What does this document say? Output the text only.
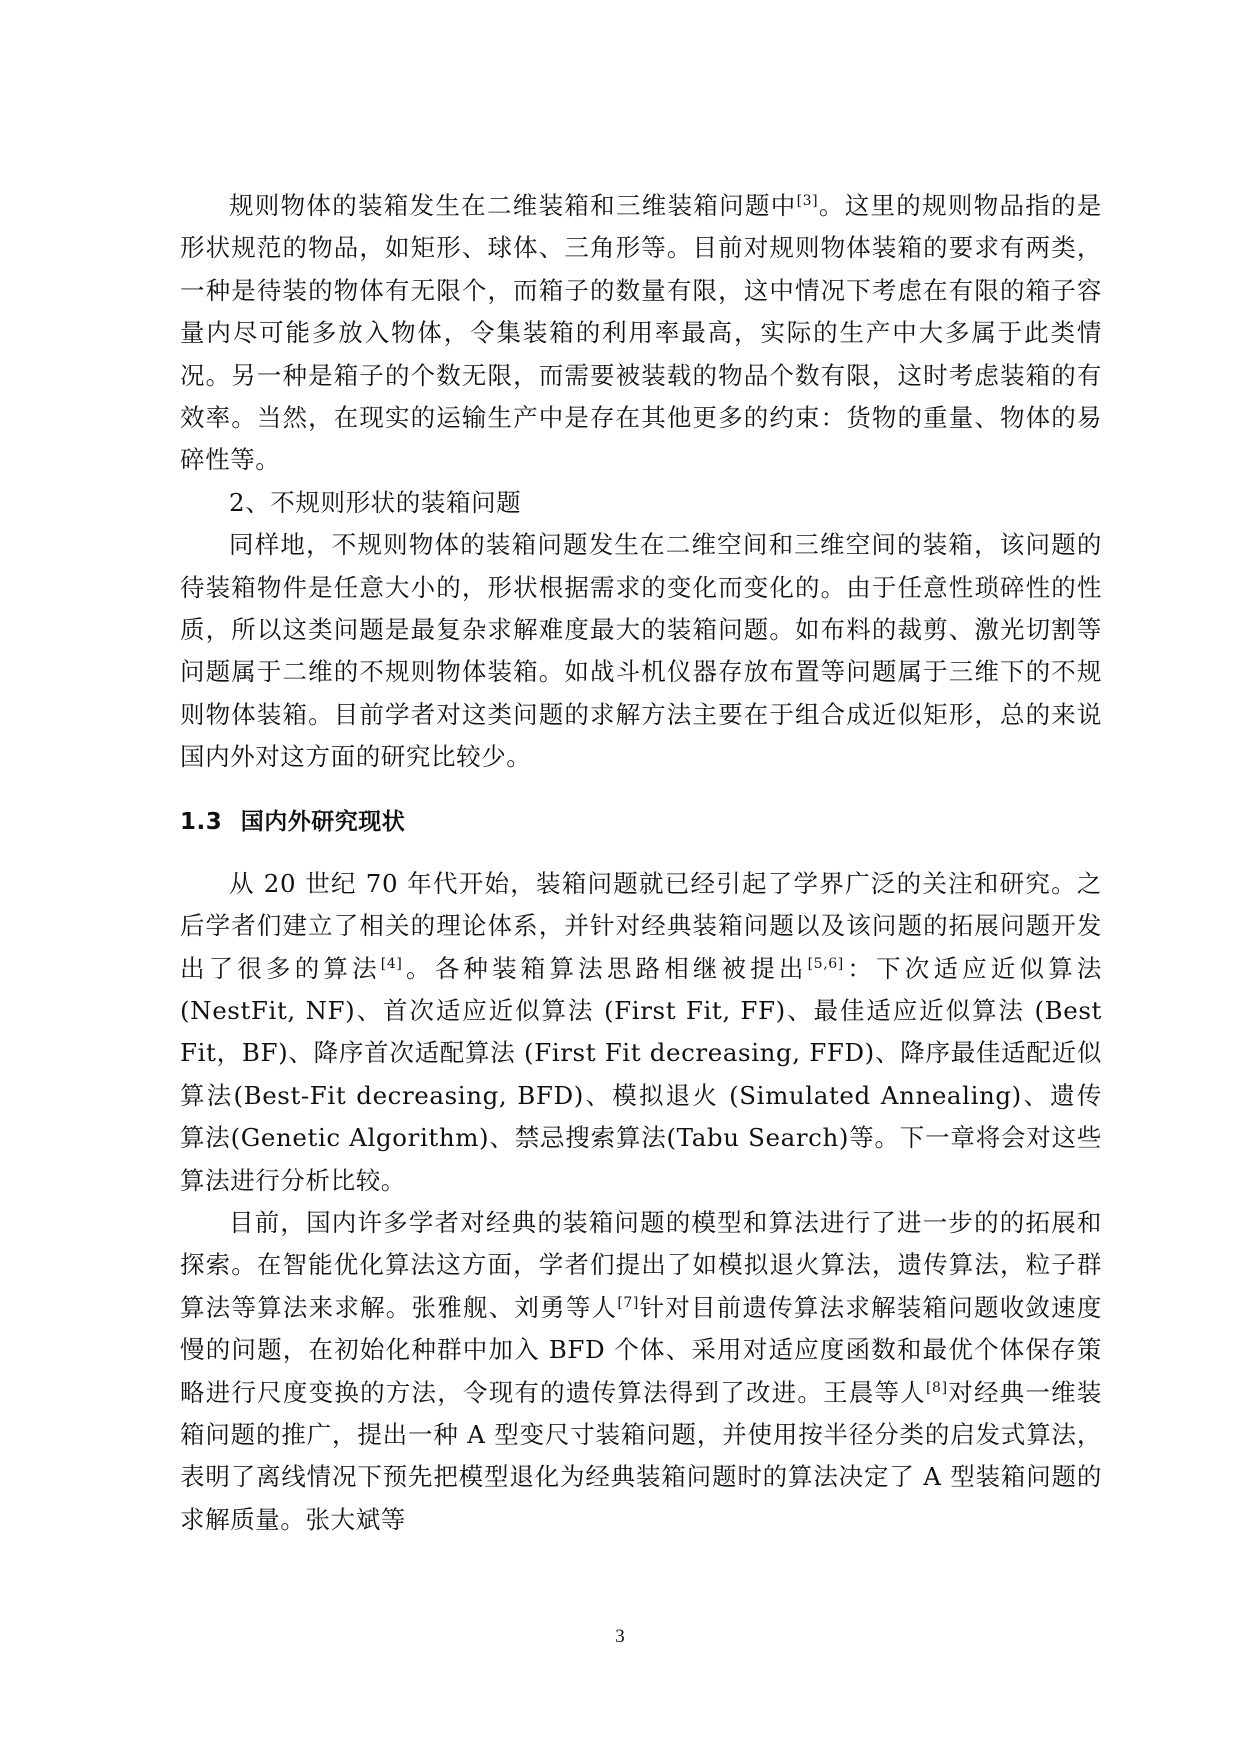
规则物体的装箱发生在二维装箱和三维装箱问题中[3]。这里的规则物品指的是形状规范的物品，如矩形、球体、三角形等。目前对规则物体装箱的要求有两类，一种是待装的物体有无限个，而箱子的数量有限，这中情况下考虑在有限的箱子容量内尽可能多放入物体，令集装箱的利用率最高，实际的生产中大多属于此类情况。另一种是箱子的个数无限，而需要被装载的物品个数有限，这时考虑装箱的有效率。当然，在现实的运输生产中是存在其他更多的约束：货物的重量、物体的易碎性等。

2、不规则形状的装箱问题

同样地，不规则物体的装箱问题发生在二维空间和三维空间的装箱，该问题的待装箱物件是任意大小的，形状根据需求的变化而变化的。由于任意性琐碎性的性质，所以这类问题是最复杂求解难度最大的装箱问题。如布料的裁剪、激光切割等问题属于二维的不规则物体装箱。如战斗机仪器存放布置等问题属于三维下的不规则物体装箱。目前学者对这类问题的求解方法主要在于组合成近似矩形，总的来说国内外对这方面的研究比较少。

1.3 国内外研究现状

从 20 世纪 70 年代开始，装箱问题就已经引起了学界广泛的关注和研究。之后学者们建立了相关的理论体系，并针对经典装箱问题以及该问题的拓展问题开发出了很多的算法[4]。各种装箱算法思路相继被提出[5,6]：下次适应近似算法(NestFit, NF)、首次适应近似算法 (First Fit, FF)、最佳适应近似算法 (Best Fit，BF)、降序首次适配算法 (First Fit decreasing, FFD)、降序最佳适配近似算法(Best-Fit decreasing, BFD)、模拟退火 (Simulated Annealing)、遗传算法(Genetic Algorithm)、禁忌搜索算法(Tabu Search)等。下一章将会对这些算法进行分析比较。

目前，国内许多学者对经典的装箱问题的模型和算法进行了进一步的的拓展和探索。在智能优化算法这方面，学者们提出了如模拟退火算法，遗传算法，粒子群算法等算法来求解。张雅舰、刘勇等人[7]针对目前遗传算法求解装箱问题收敛速度慢的问题，在初始化种群中加入 BFD 个体、采用对适应度函数和最优个体保存策略进行尺度变换的方法，令现有的遗传算法得到了改进。王晨等人[8]对经典一维装箱问题的推广，提出一种 A 型变尺寸装箱问题，并使用按半径分类的启发式算法，表明了离线情况下预先把模型退化为经典装箱问题时的算法决定了 A 型装箱问题的求解质量。张大斌等

3
